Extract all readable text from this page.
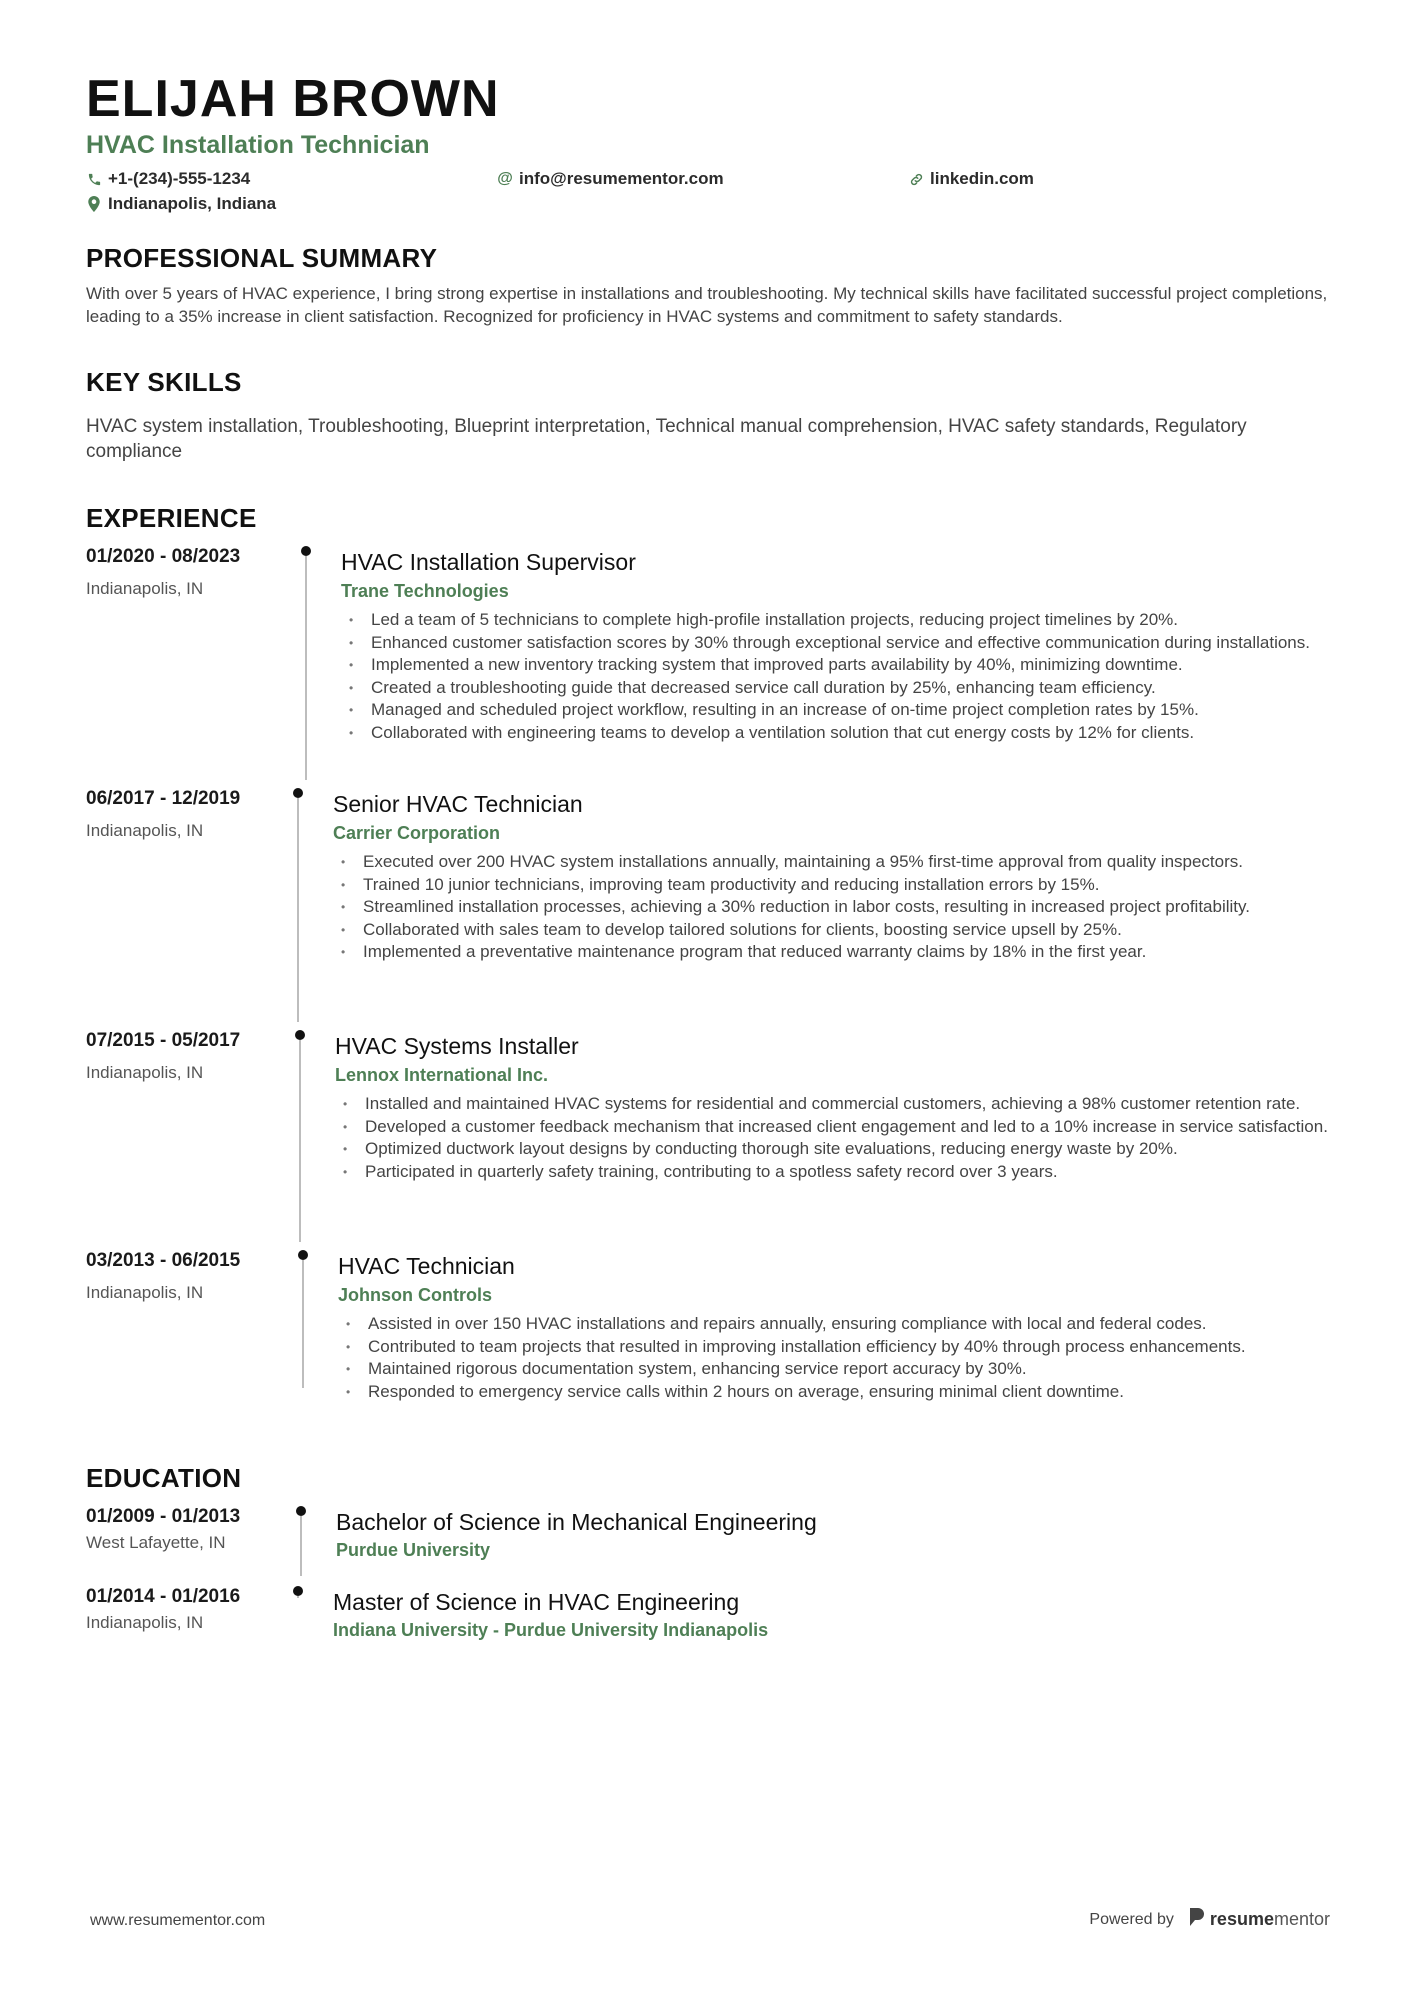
ELIJAH BROWN
HVAC Installation Technician
+1-(234)-555-1234	@ info@resumementor.com	linkedin.com
Indianapolis, Indiana
PROFESSIONAL SUMMARY
With over 5 years of HVAC experience, I bring strong expertise in installations and troubleshooting. My technical skills have facilitated successful project completions, leading to a 35% increase in client satisfaction. Recognized for proficiency in HVAC systems and commitment to safety standards.
KEY SKILLS
HVAC system installation, Troubleshooting, Blueprint interpretation, Technical manual comprehension, HVAC safety standards, Regulatory compliance
EXPERIENCE
01/2020 - 08/2023
Indianapolis, IN
HVAC Installation Supervisor
Trane Technologies
• Led a team of 5 technicians to complete high-profile installation projects, reducing project timelines by 20%.
• Enhanced customer satisfaction scores by 30% through exceptional service and effective communication during installations.
• Implemented a new inventory tracking system that improved parts availability by 40%, minimizing downtime.
• Created a troubleshooting guide that decreased service call duration by 25%, enhancing team efficiency.
• Managed and scheduled project workflow, resulting in an increase of on-time project completion rates by 15%.
• Collaborated with engineering teams to develop a ventilation solution that cut energy costs by 12% for clients.
06/2017 - 12/2019
Indianapolis, IN
Senior HVAC Technician
Carrier Corporation
• Executed over 200 HVAC system installations annually, maintaining a 95% first-time approval from quality inspectors.
• Trained 10 junior technicians, improving team productivity and reducing installation errors by 15%.
• Streamlined installation processes, achieving a 30% reduction in labor costs, resulting in increased project profitability.
• Collaborated with sales team to develop tailored solutions for clients, boosting service upsell by 25%.
• Implemented a preventative maintenance program that reduced warranty claims by 18% in the first year.
07/2015 - 05/2017
Indianapolis, IN
HVAC Systems Installer
Lennox International Inc.
• Installed and maintained HVAC systems for residential and commercial customers, achieving a 98% customer retention rate.
• Developed a customer feedback mechanism that increased client engagement and led to a 10% increase in service satisfaction.
• Optimized ductwork layout designs by conducting thorough site evaluations, reducing energy waste by 20%.
• Participated in quarterly safety training, contributing to a spotless safety record over 3 years.
03/2013 - 06/2015
Indianapolis, IN
HVAC Technician
Johnson Controls
• Assisted in over 150 HVAC installations and repairs annually, ensuring compliance with local and federal codes.
• Contributed to team projects that resulted in improving installation efficiency by 40% through process enhancements.
• Maintained rigorous documentation system, enhancing service report accuracy by 30%.
• Responded to emergency service calls within 2 hours on average, ensuring minimal client downtime.
EDUCATION
01/2009 - 01/2013
West Lafayette, IN
Bachelor of Science in Mechanical Engineering
Purdue University
01/2014 - 01/2016
Indianapolis, IN
Master of Science in HVAC Engineering
Indiana University - Purdue University Indianapolis
www.resumementor.com	Powered by resume mentor
